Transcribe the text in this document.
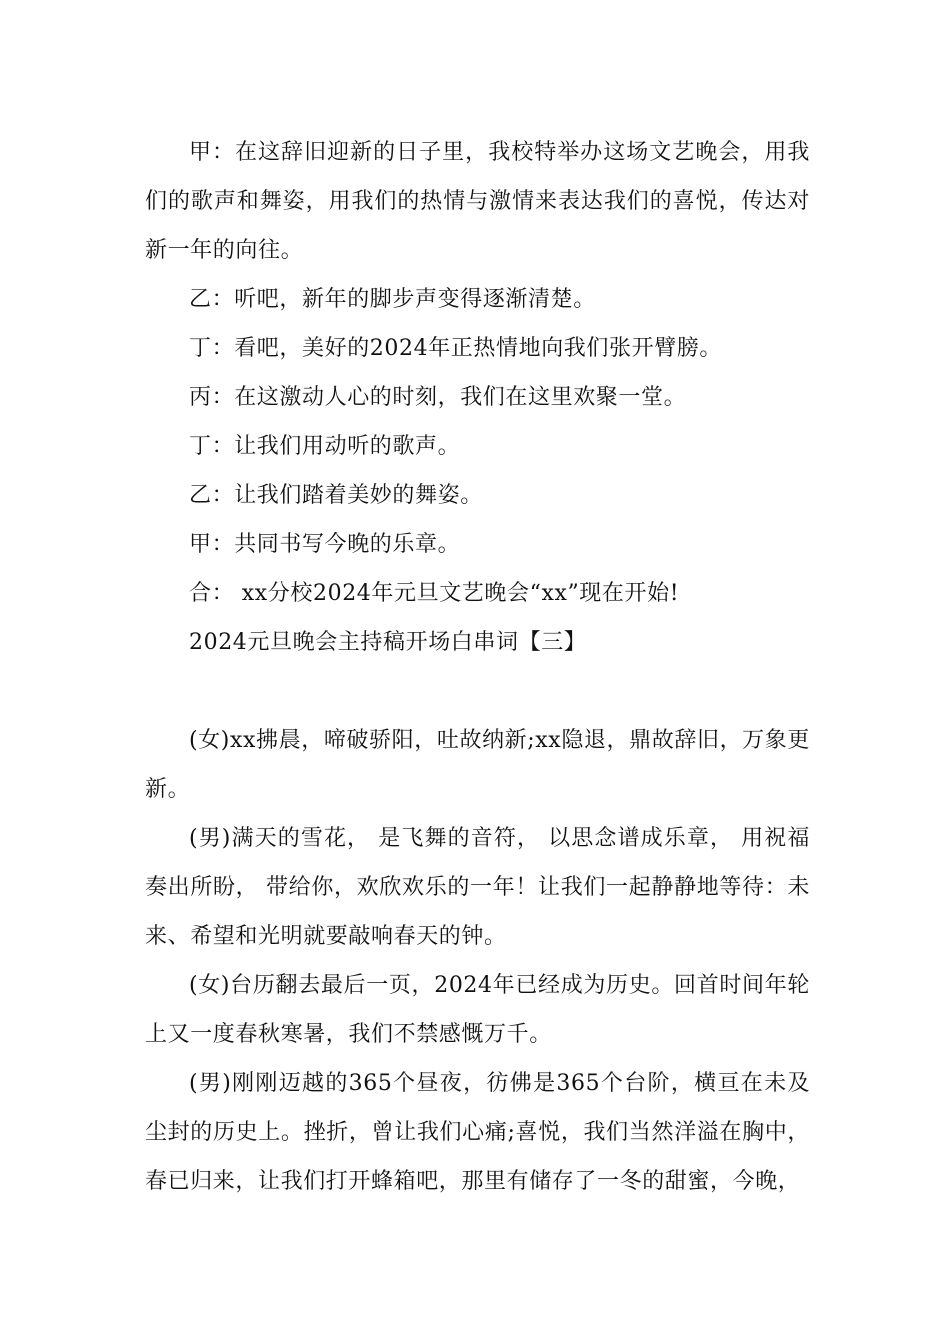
甲：在这辞旧迎新的日子里，我校特举办这场文艺晚会，用我们的歌声和舞姿，用我们的热情与激情来表达我们的喜悦，传达对新一年的向往。

乙：听吧，新年的脚步声变得逐渐清楚。

丁：看吧，美好的2024年正热情地向我们张开臂膀。

丙：在这激动人心的时刻，我们在这里欢聚一堂。

丁：让我们用动听的歌声。

乙：让我们踏着美妙的舞姿。

甲：共同书写今晚的乐章。

合： xx分校2024年元旦文艺晚会“xx”现在开始!

2024元旦晚会主持稿开场白串词【三】

(女)xx拂晨，啼破骄阳，吐故纳新;xx隐退，鼎故辞旧，万象更新。

(男)满天的雪花， 是飞舞的音符， 以思念谱成乐章， 用祝福奏出所盼， 带给你，欢欣欢乐的一年！让我们一起静静地等待：未来、希望和光明就要敲响春天的钟。

(女)台历翻去最后一页，2024年已经成为历史。回首时间年轮上又一度春秋寒暑，我们不禁感慨万千。

(男)刚刚迈越的365个昼夜，彷佛是365个台阶，横亘在未及尘封的历史上。挫折，曾让我们心痛;喜悦，我们当然洋溢在胸中，春已归来，让我们打开蜂箱吧，那里有储存了一冬的甜蜜，今晚，
